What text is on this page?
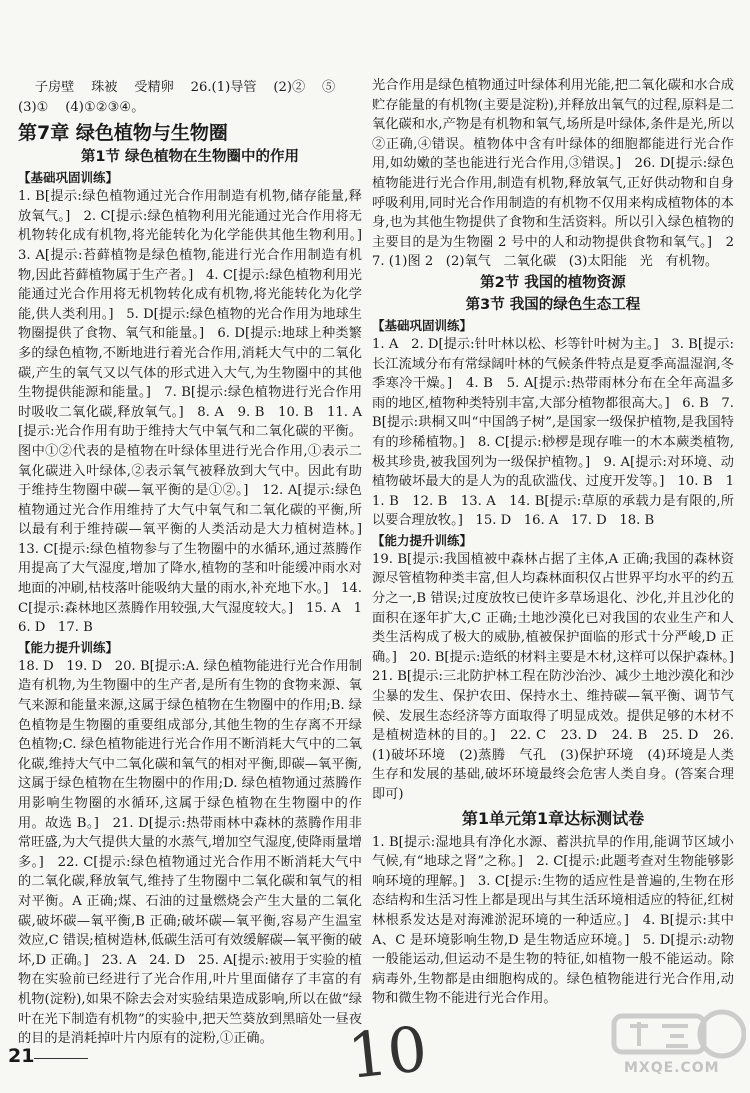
子房壁    珠被    受精卵    26.(1)导管    (2)②    ⑤

(3)①    (4)①②③④。

第7章 绿色植物与生物圈

第1节 绿色植物在生物圈中的作用

【基础巩固训练】

1. B[提示:绿色植物通过光合作用制造有机物,储存能量,释放氧气。]   2. C[提示:绿色植物利用光能通过光合作用将无机物转化成有机物,将光能转化为化学能供其他生物利用。]   3. A[提示:苔藓植物是绿色植物,能进行光合作用制造有机物,因此苔藓植物属于生产者。]   4. C[提示:绿色植物利用光能通过光合作用将无机物转化成有机物,将光能转化为化学能,供人类利用。]   5. D[提示:绿色植物的光合作用为地球生物圈提供了食物、氧气和能量。]   6. D[提示:地球上种类繁多的绿色植物,不断地进行着光合作用,消耗大气中的二氧化碳,产生的氧气又以气体的形式进入大气,为生物圈中的其他生物提供能源和能量。]   7. B[提示:绿色植物进行光合作用时吸收二氧化碳,释放氧气。]   8. A   9. B   10. B   11. A[提示:光合作用有助于维持大气中氧气和二氧化碳的平衡。图中①②代表的是植物在叶绿体里进行光合作用,①表示二氧化碳进入叶绿体,②表示氧气被释放到大气中。因此有助于维持生物圈中碳—氧平衡的是①②。]   12. A[提示:绿色植物通过光合作用维持了大气中氧气和二氧化碳的平衡,所以最有利于维持碳—氧平衡的人类活动是大力植树造林。]   13. C[提示:绿色植物参与了生物圈中的水循环,通过蒸腾作用提高了大气湿度,增加了降水,植物的茎和叶能缓冲雨水对地面的冲刷,枯枝落叶能吸纳大量的雨水,补充地下水。]   14. C[提示:森林地区蒸腾作用较强,大气湿度较大。]   15. A   16. D   17. B

【能力提升训练】

18. D   19. D   20. B[提示:A. 绿色植物能进行光合作用制造有机物,为生物圈中的生产者,是所有生物的食物来源、氧气来源和能量来源,这属于绿色植物在生物圈中的作用;B. 绿色植物是生物圈的重要组成部分,其他生物的生存离不开绿色植物;C. 绿色植物能进行光合作用不断消耗大气中的二氧化碳,维持大气中二氧化碳和氧气的相对平衡,即碳—氧平衡,这属于绿色植物在生物圈中的作用;D. 绿色植物通过蒸腾作用影响生物圈的水循环,这属于绿色植物在生物圈中的作用。故选 B。]   21. D[提示:热带雨林中森林的蒸腾作用非常旺盛,为大气提供大量的水蒸气,增加空气湿度,使降雨量增多。]   22. C[提示:绿色植物通过光合作用不断消耗大气中的二氧化碳,释放氧气,维持了生物圈中二氧化碳和氧气的相对平衡。A 正确;煤、石油的过量燃烧会产生大量的二氧化碳,破坏碳—氧平衡,B 正确;破坏碳—氧平衡,容易产生温室效应,C 错误;植树造林,低碳生活可有效缓解碳—氧平衡的破坏,D 正确。]   23. A   24. D   25. A[提示:被用于实验的植物在实验前已经进行了光合作用,叶片里面储存了丰富的有机物(淀粉),如果不除去会对实验结果造成影响,所以在做“绿叶在光下制造有机物”的实验中,把天竺葵放到黑暗处一昼夜的目的是消耗掉叶片内原有的淀粉,①正确。

光合作用是绿色植物通过叶绿体利用光能,把二氧化碳和水合成贮存能量的有机物(主要是淀粉),并释放出氧气的过程,原料是二氧化碳和水,产物是有机物和氧气,场所是叶绿体,条件是光,所以②正确,④错误。植物体中含有叶绿体的细胞都能进行光合作用,如幼嫩的茎也能进行光合作用,③错误。]   26. D[提示:绿色植物能进行光合作用,制造有机物,释放氧气,正好供动物和自身呼吸利用,同时光合作用制造的有机物不仅用来构成植物体的本身,也为其他生物提供了食物和生活资料。所以引入绿色植物的主要目的是为生物圈 2 号中的人和动物提供食物和氧气。]   27. (1)图 2   (2)氧气   二氧化碳   (3)太阳能   光   有机物。

第2节 我国的植物资源

第3节 我国的绿色生态工程

【基础巩固训练】

1. A   2. D[提示:针叶林以松、杉等针叶树为主。]   3. B[提示:长江流域分布有常绿阔叶林的气候条件特点是夏季高温湿润,冬季寒冷干燥。]   4. B   5. A[提示:热带雨林分布在全年高温多雨的地区,植物种类特别丰富,大部分植物都很高大。]   6. B   7. B[提示:珙桐又叫“中国鸽子树”,是国家一级保护植物,是我国特有的珍稀植物。]   8. C[提示:桫椤是现存唯一的木本蕨类植物,极其珍贵,被我国列为一级保护植物。]   9. A[提示:对环境、动植物破坏最大的是人为的乱砍滥伐、过度开发等。]   10. B   11. B   12. B   13. A   14. B[提示:草原的承载力是有限的,所以要合理放牧。]   15. D   16. A   17. D   18. B

【能力提升训练】

19. B[提示:我国植被中森林占据了主体,A 正确;我国的森林资源尽管植物种类丰富,但人均森林面积仅占世界平均水平的约五分之一,B 错误;过度放牧已使许多草场退化、沙化,并且沙化的面积在逐年扩大,C 正确;土地沙漠化已对我国的农业生产和人类生活构成了极大的威胁,植被保护面临的形式十分严峻,D 正确。]   20. B[提示:造纸的材料主要是木材,这样可以保护森林。]   21. B[提示:三北防护林工程在防沙治沙、减少土地沙漠化和沙尘暴的发生、保护农田、保持水土、维持碳—氧平衡、调节气候、发展生态经济等方面取得了明显成效。提供足够的木材不是植树造林的目的。]   22. C   23. D   24. B   25. D   26. (1)破坏环境   (2)蒸腾   气孔   (3)保护环境   (4)环境是人类生存和发展的基础,破坏环境最终会危害人类自身。(答案合理即可)

第1单元第1章达标测试卷

1. B[提示:湿地具有净化水源、蓄洪抗旱的作用,能调节区域小气候,有“地球之肾”之称。]   2. C[提示:此题考查对生物能够影响环境的理解。]   3. C[提示:生物的适应性是普遍的,生物在形态结构和生活习性上都是现出与其生活环境相适应的特征,红树林根系发达是对海滩淤泥环境的一种适应。]   4. B[提示:其中 A、C 是环境影响生物,D 是生物适应环境。]   5. D[提示:动物一般能运动,但运动不是生物的特征,如植物一般不能运动。除病毒外,生物都是由细胞构成的。绿色植物能进行光合作用,动物和微生物不能进行光合作用。

21	10	MXQE.COM
